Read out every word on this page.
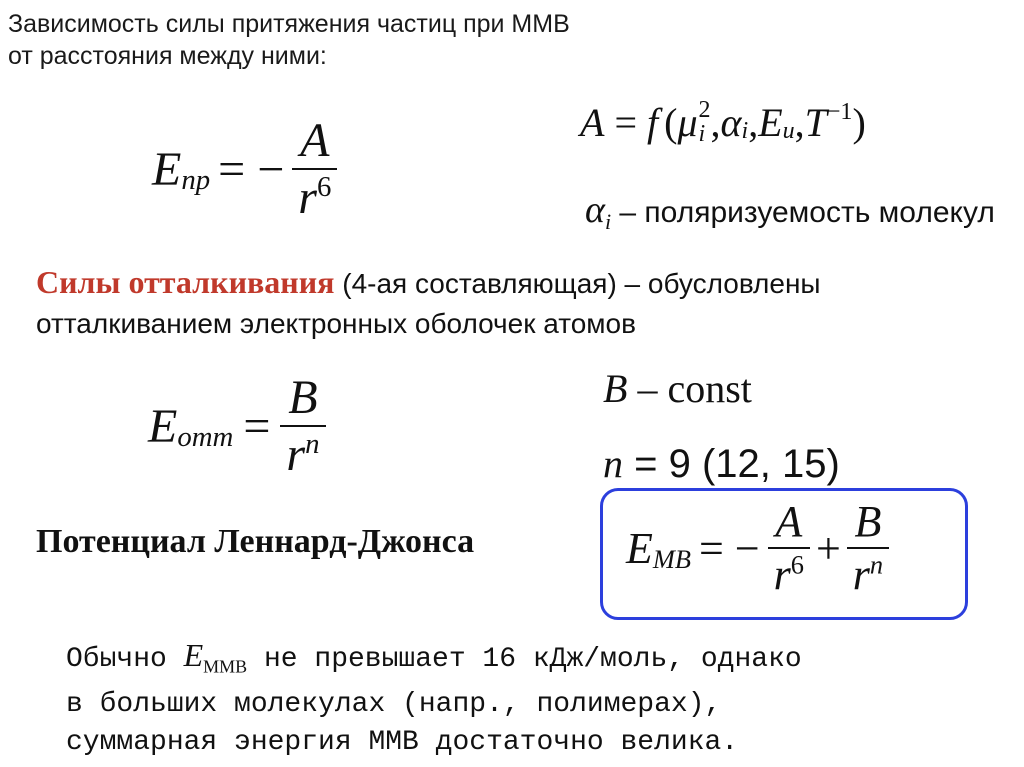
Зависимость силы притяжения частиц при ММВ
от расстояния между ними:
$E_{пр}$ = − $\frac{A}{r^6}$	A = f ( μ 2
i , $\alpha_i$ , $E_u$ , $T^{-1}$ )
$\alpha_i$ – поляризуемость молекул
Силы отталкивания (4-ая составляющая) – обусловлены
отталкиванием электронных оболочек атомов
$E_{отт} = \frac{B}{r^n}$	B – const
n = 9 (12, 15)
Потенциал Леннард-Джонса	$E_{MB}$ = − $\frac{A}{r^6} + \frac{B}{r^n}$
Обычно $E_{ММВ}$ не превышает 16 кДж/моль, однако
в больших молекулах (напр., полимерах),
суммарная энергия ММВ достаточно велика.
